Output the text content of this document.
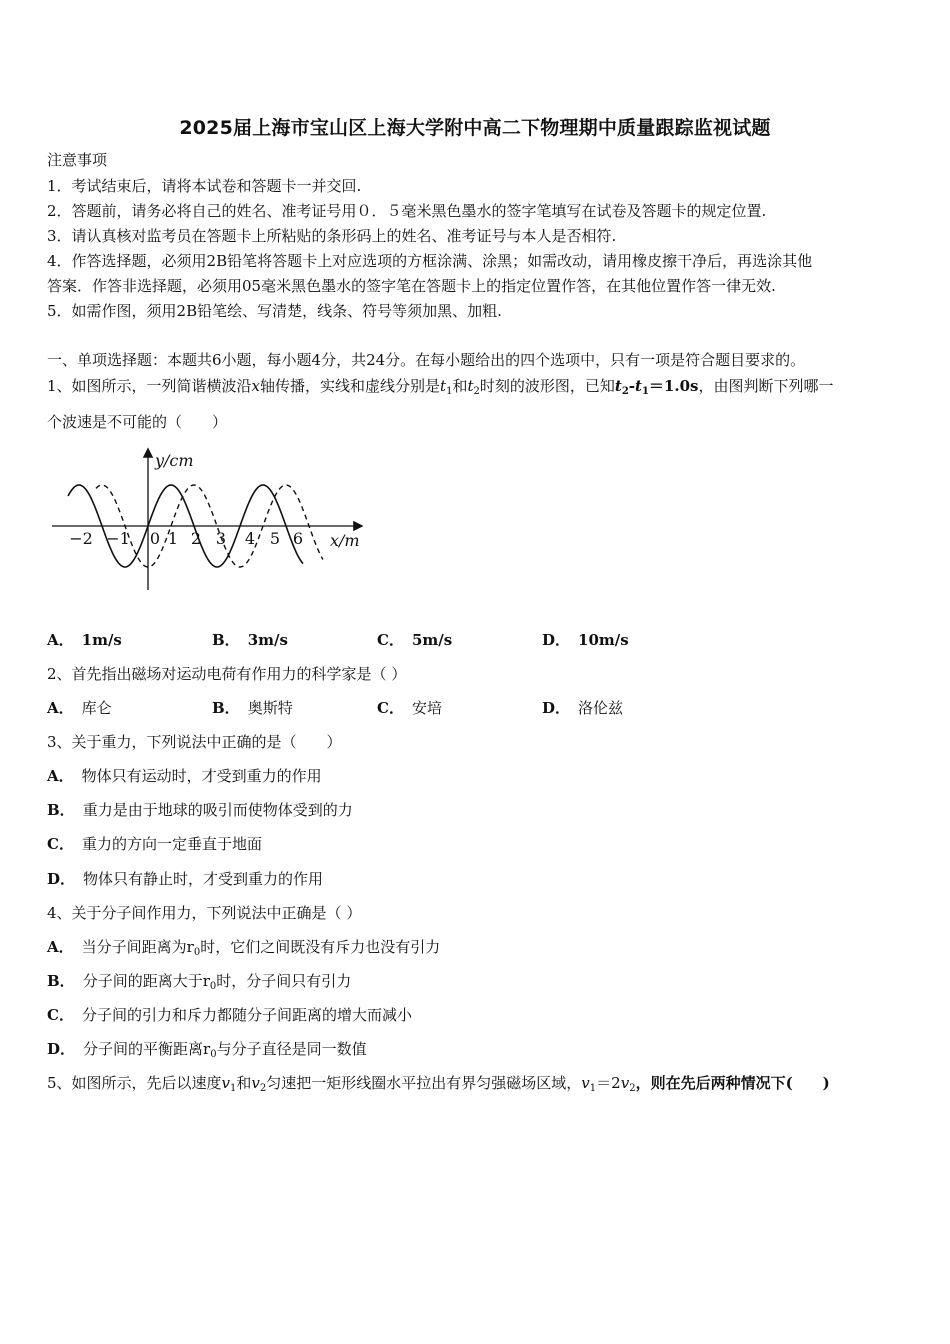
2025届上海市宝山区上海大学附中高二下物理期中质量跟踪监视试题
注意事项
1．考试结束后，请将本试卷和答题卡一并交回.
2．答题前，请务必将自己的姓名、准考证号用０．５毫米黑色墨水的签字笔填写在试卷及答题卡的规定位置.
3．请认真核对监考员在答题卡上所粘贴的条形码上的姓名、准考证号与本人是否相符.
4．作答选择题，必须用2B铅笔将答题卡上对应选项的方框涂满、涂黑；如需改动，请用橡皮擦干净后，再选涂其他
答案．作答非选择题，必须用05毫米黑色墨水的签字笔在答题卡上的指定位置作答，在其他位置作答一律无效.
5．如需作图，须用2B铅笔绘、写清楚，线条、符号等须加黑、加粗.
一、单项选择题：本题共6小题，每小题4分，共24分。在每小题给出的四个选项中，只有一项是符合题目要求的。
1、如图所示，一列简谐横波沿x轴传播，实线和虚线分别是$t_1$和$t_2$时刻的波形图，已知$t_2-t_1=1.0s$，由图判断下列哪一
个波速是不可能的（　　）
y/cm
x/m
−2 −1 0 1 2 3 4 5 6
A． 1m/s	B． 3m/s	C． 5m/s	D． 10m/s
2、首先指出磁场对运动电荷有作用力的科学家是（ ）
A． 库仑	B． 奥斯特	C． 安培	D． 洛伦兹
3、关于重力，下列说法中正确的是（　　）
A． 物体只有运动时，才受到重力的作用
B． 重力是由于地球的吸引而使物体受到的力
C． 重力的方向一定垂直于地面
D． 物体只有静止时，才受到重力的作用
4、关于分子间作用力，下列说法中正确是（ ）
A． 当分子间距离为$r_0$时，它们之间既没有斥力也没有引力
B． 分子间的距离大于$r_0$时，分子间只有引力
C． 分子间的引力和斥力都随分子间距离的增大而减小
D． 分子间的平衡距离$r_0$与分子直径是同一数值
5、如图所示，先后以速度$v_1$和$v_2$匀速把一矩形线圈水平拉出有界匀强磁场区域，$v_1=2v_2$，则在先后两种情况下(　　)
